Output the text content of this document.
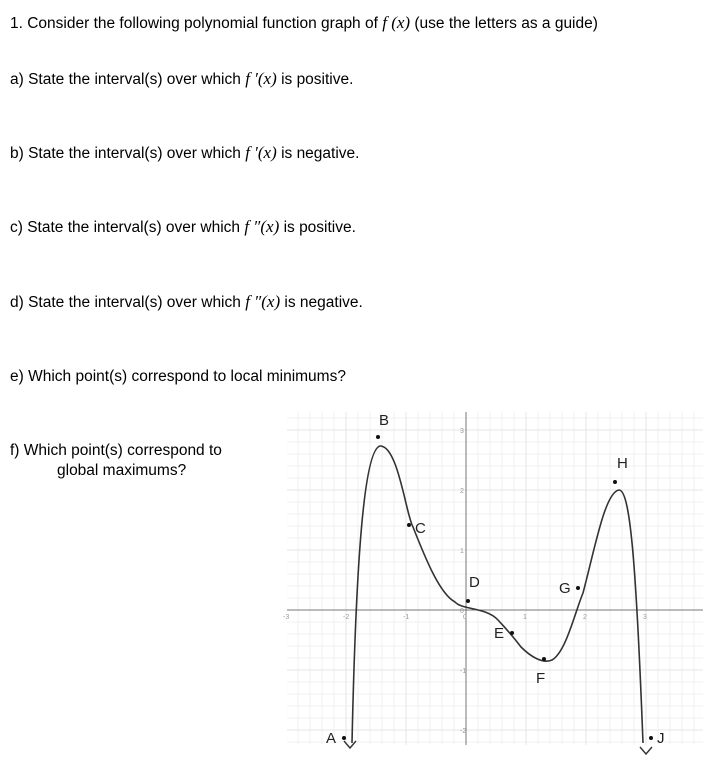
1. Consider the following polynomial function graph of f (x) (use the letters as a guide)
a) State the interval(s) over which f ′(x) is positive.
b) State the interval(s) over which f ′(x) is negative.
c) State the interval(s) over which f ″(x) is positive.
d) State the interval(s) over which f ″(x) is negative.
e) Which point(s) correspond to local minimums?
f) Which point(s) correspond to
global maximums?
-3	-2	-1	0	1	2	3
3
2
1
0
-1
-2
A
B
C
D
E
F
G
H
J
